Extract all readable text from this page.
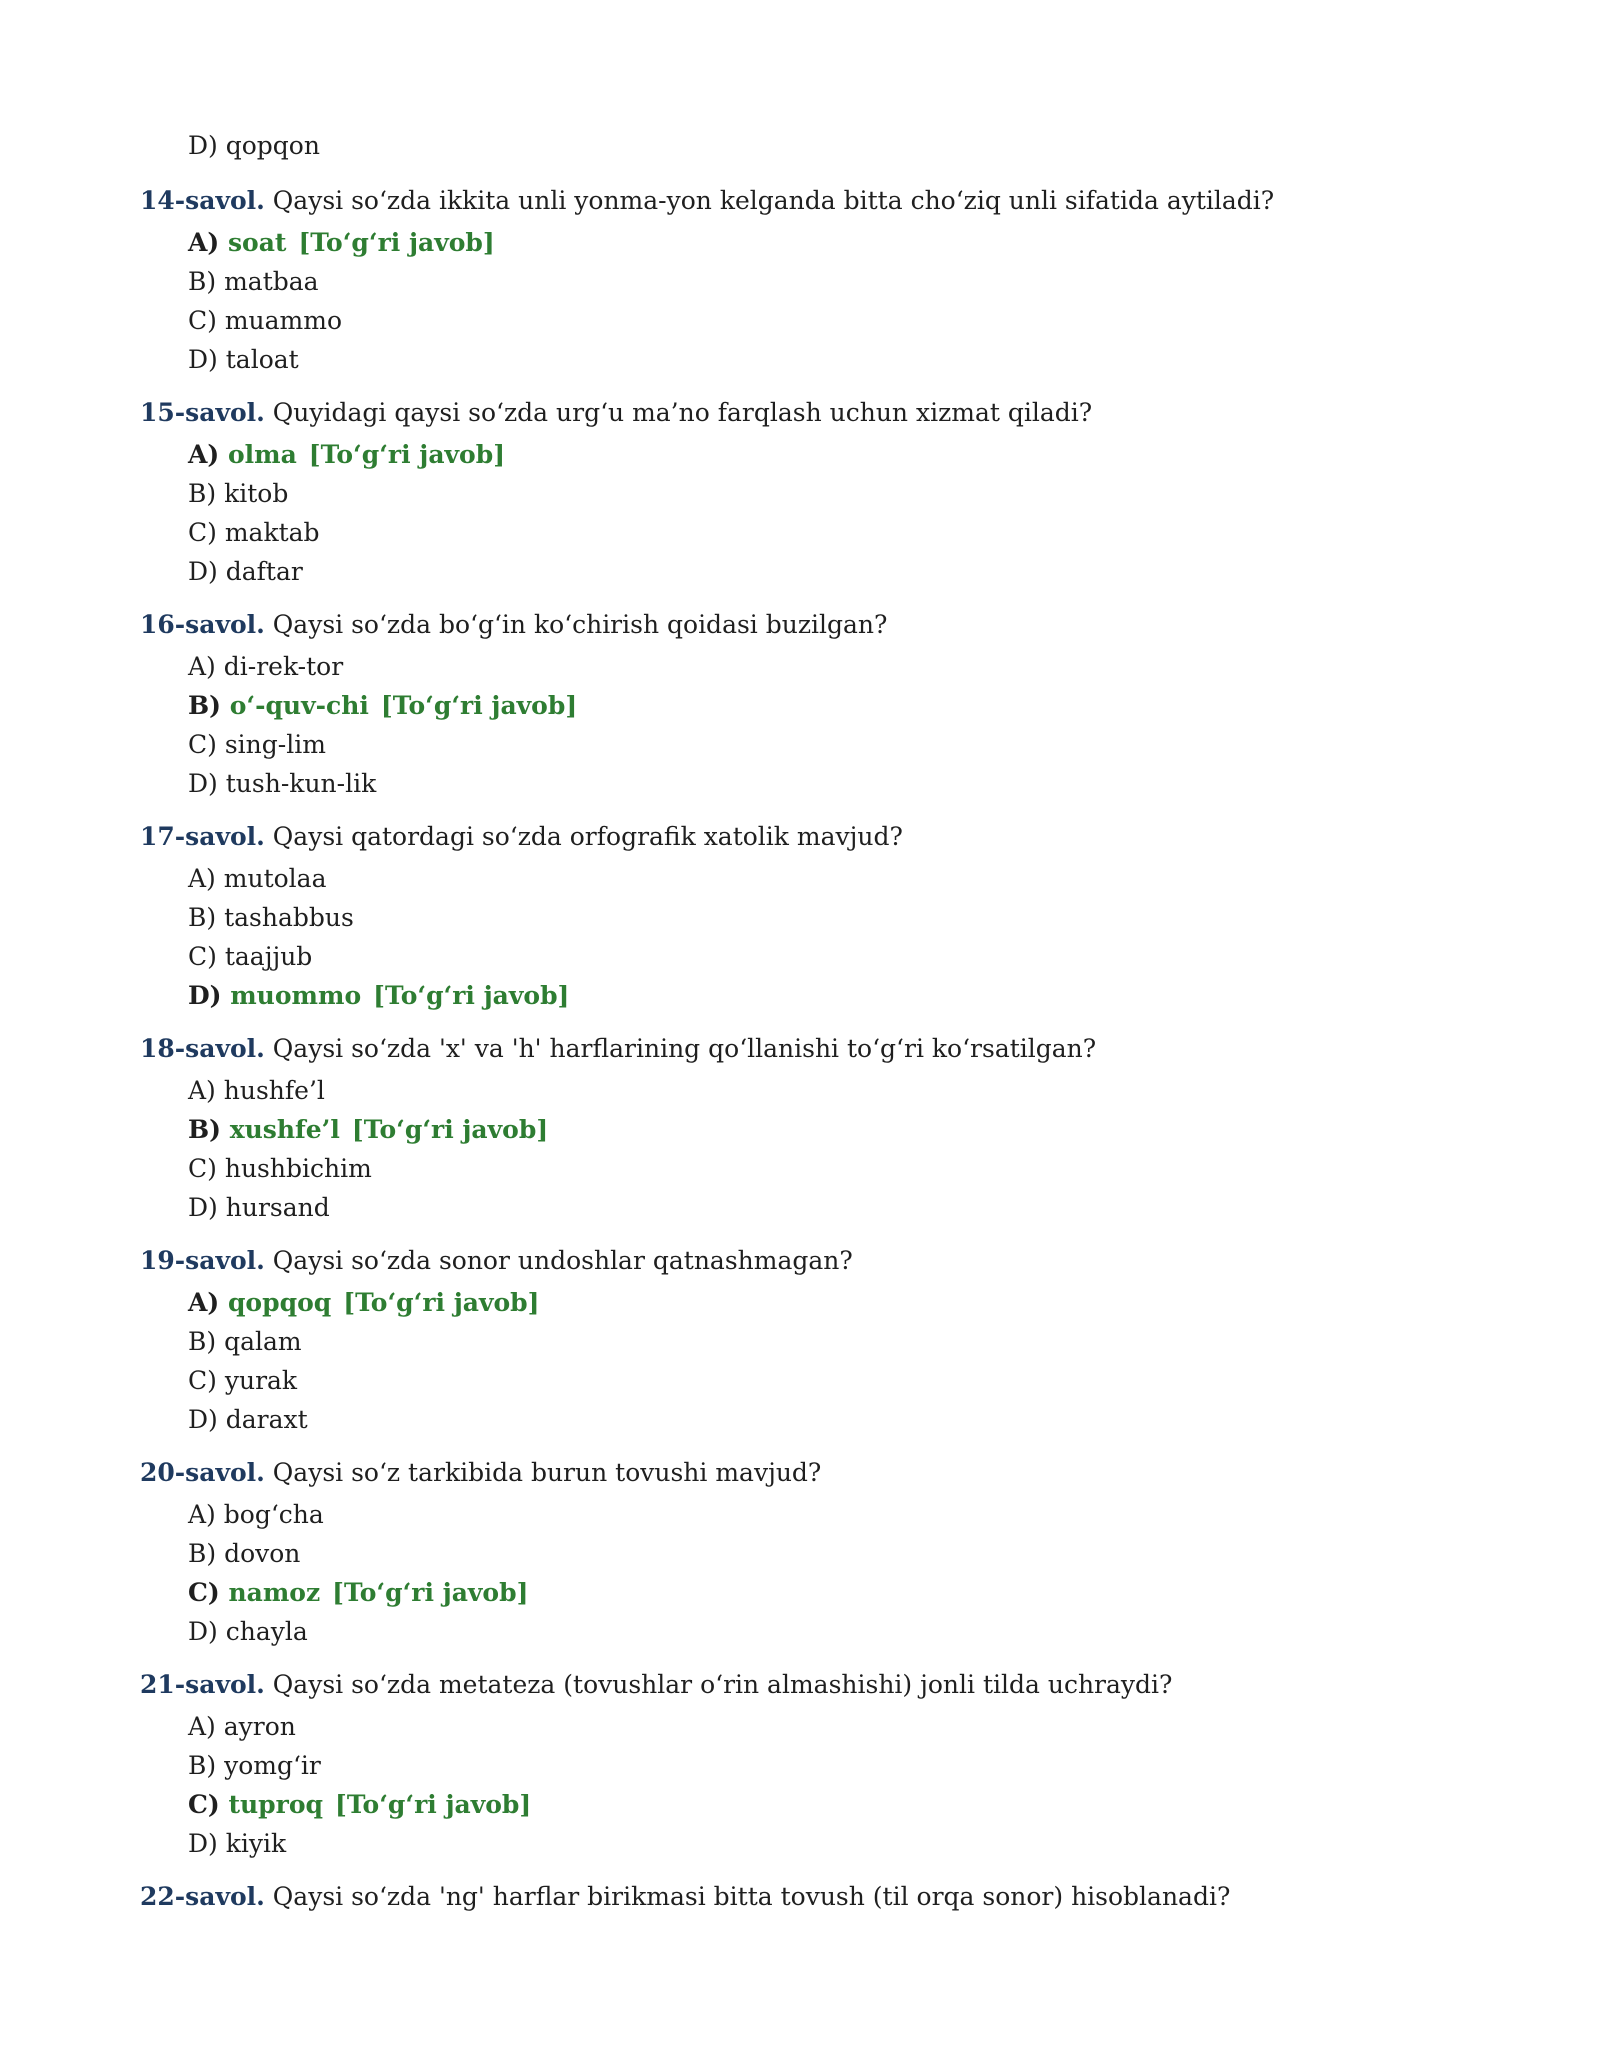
D) qopqon
14-savol. Qaysi so‘zda ikkita unli yonma-yon kelganda bitta cho‘ziq unli sifatida aytiladi?
A) soat [To‘g‘ri javob]
B) matbaa
C) muammo
D) taloat
15-savol. Quyidagi qaysi so‘zda urg‘u ma’no farqlash uchun xizmat qiladi?
A) olma [To‘g‘ri javob]
B) kitob
C) maktab
D) daftar
16-savol. Qaysi so‘zda bo‘g‘in ko‘chirish qoidasi buzilgan?
A) di-rek-tor
B) o‘-quv-chi [To‘g‘ri javob]
C) sing-lim
D) tush-kun-lik
17-savol. Qaysi qatordagi so‘zda orfografik xatolik mavjud?
A) mutolaa
B) tashabbus
C) taajjub
D) muommo [To‘g‘ri javob]
18-savol. Qaysi so‘zda 'x' va 'h' harflarining qo‘llanishi to‘g‘ri ko‘rsatilgan?
A) hushfe’l
B) xushfe’l [To‘g‘ri javob]
C) hushbichim
D) hursand
19-savol. Qaysi so‘zda sonor undoshlar qatnashmagan?
A) qopqoq [To‘g‘ri javob]
B) qalam
C) yurak
D) daraxt
20-savol. Qaysi so‘z tarkibida burun tovushi mavjud?
A) bog‘cha
B) dovon
C) namoz [To‘g‘ri javob]
D) chayla
21-savol. Qaysi so‘zda metateza (tovushlar o‘rin almashishi) jonli tilda uchraydi?
A) ayron
B) yomg‘ir
C) tuproq [To‘g‘ri javob]
D) kiyik
22-savol. Qaysi so‘zda 'ng' harflar birikmasi bitta tovush (til orqa sonor) hisoblanadi?
